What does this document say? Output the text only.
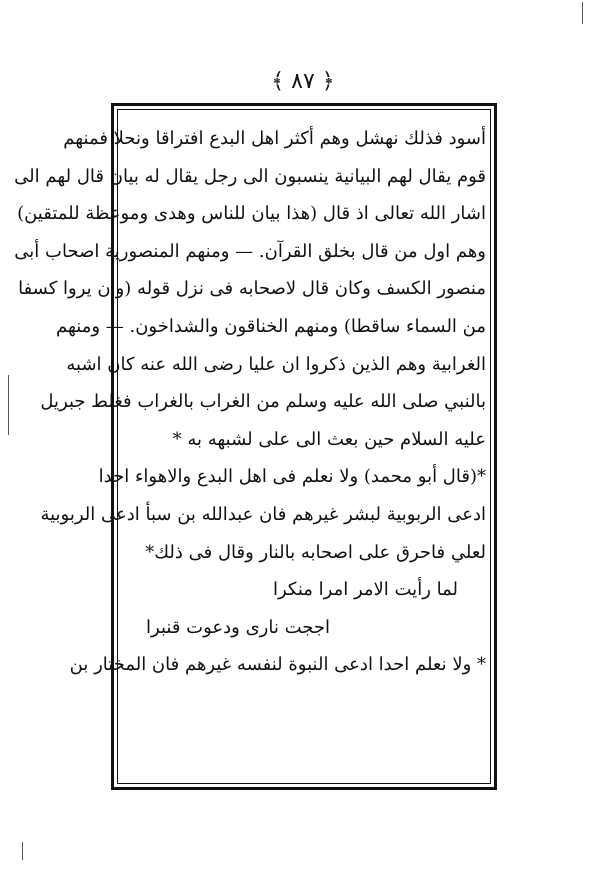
﴿ ٨٧ ﴾
أسود فذلك نهشل وهم أكثر اهل البدع افتراقا ونحلا فمنهم
قوم يقال لهم البيانية ينسبون الى رجل يقال له بيان قال لهم الى
اشار الله تعالى اذ قال (هذا بيان للناس وهدى وموعظة للمتقين)
وهم اول من قال بخلق القرآن. — ومنهم المنصورية اصحاب أبى
منصور الكسف وكان قال لاصحابه فى نزل قوله (وان يروا كسفا
من السماء ساقطا) ومنهم الخناقون والشداخون. — ومنهم
الغرابية وهم الذين ذكروا ان عليا رضى الله عنه كان اشبه
بالنبي صلى الله عليه وسلم من الغراب بالغراب فغلط جبريل
عليه السلام حين بعث الى على لشبهه به *
*(قال أبو محمد) ولا نعلم فى اهل البدع والاهواء احدا
ادعى الربوبية لبشر غيرهم فان عبدالله بن سبأ ادعى الربوبية
لعلي فاحرق على اصحابه بالنار وقال فى ذلك*
لما رأيت الامر امرا منكرا
اججت نارى ودعوت قنبرا
* ولا نعلم احدا ادعى النبوة لنفسه غيرهم فان المختار بن
